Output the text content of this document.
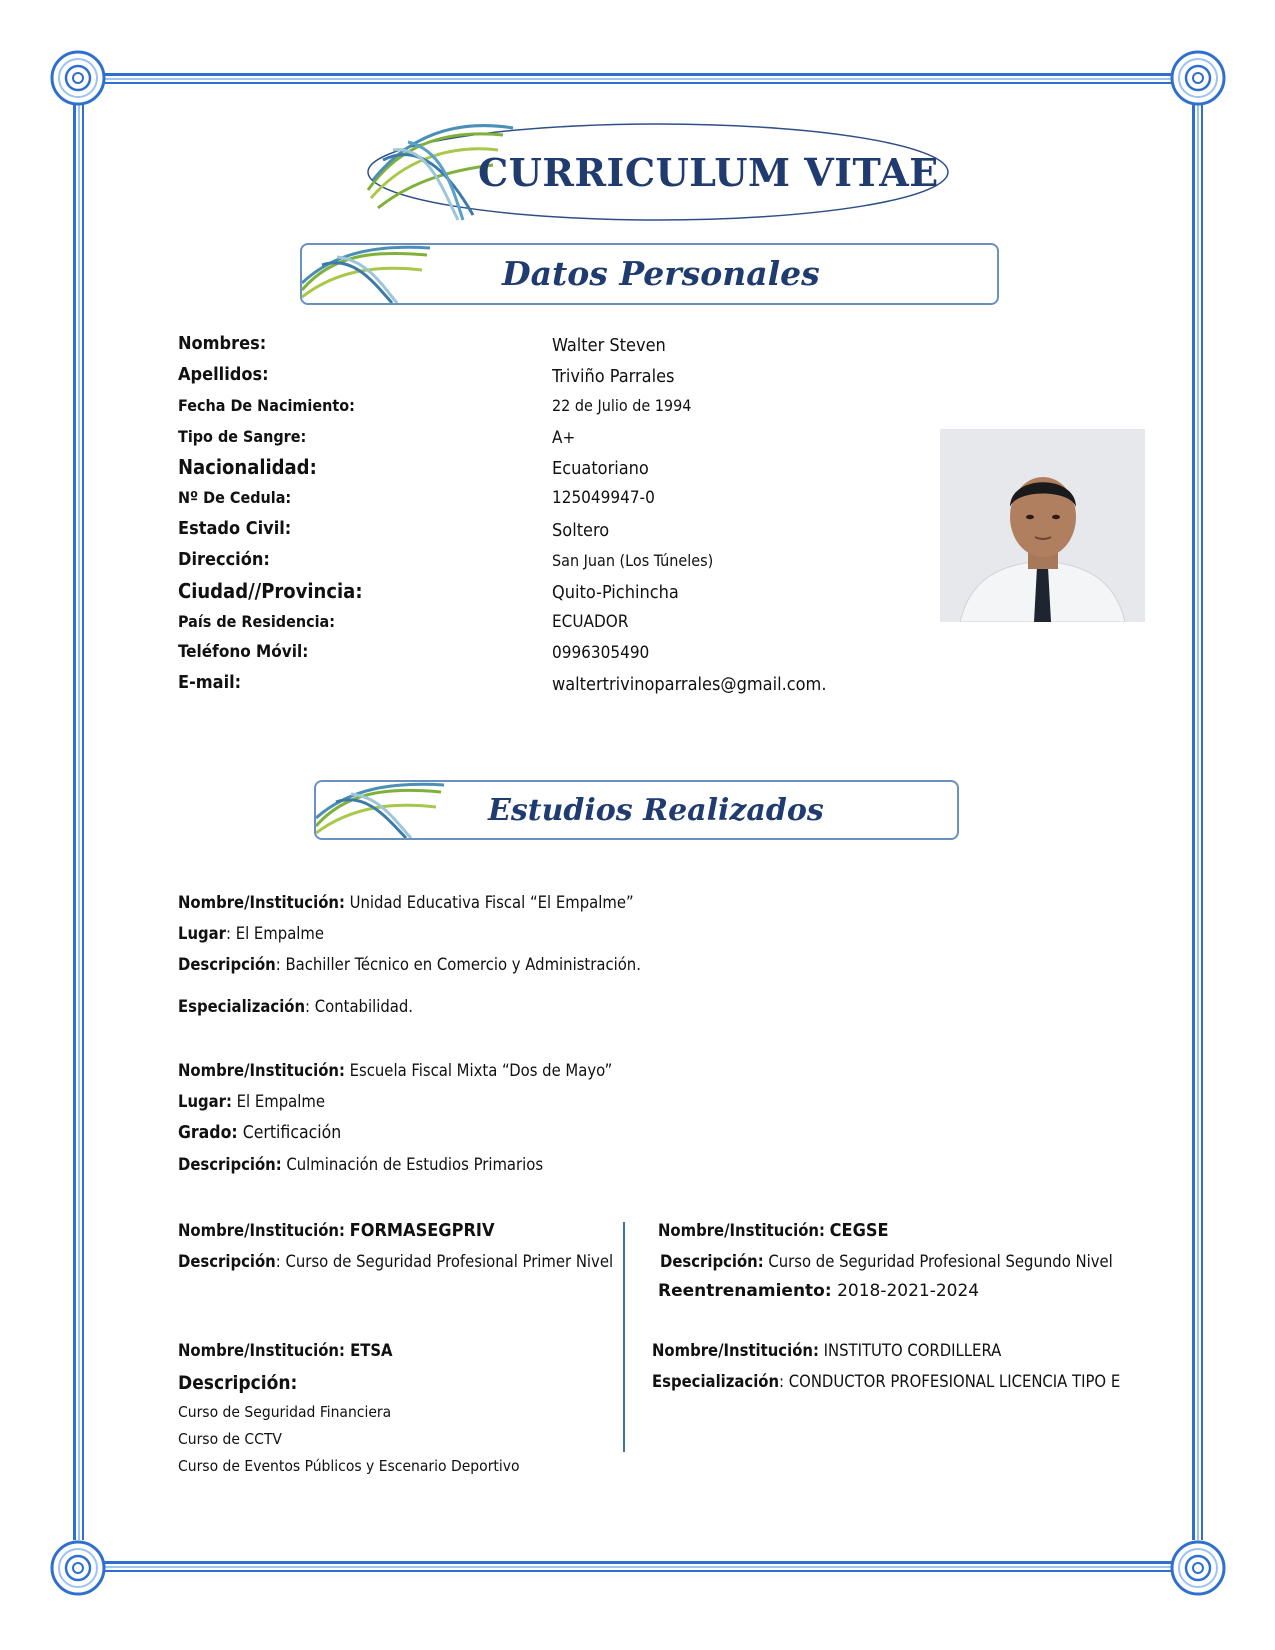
CURRICULUM VITAE
Datos Personales
Nombres:	Walter Steven
Apellidos:	Triviño Parrales
Fecha De Nacimiento:	22 de Julio de 1994
Tipo de Sangre:	A+
Nacionalidad:	Ecuatoriano
Nº De Cedula:	125049947-0
Estado Civil:	Soltero
Dirección:	San Juan (Los Túneles)
Ciudad//Provincia:	Quito-Pichincha
País de Residencia:	ECUADOR
Teléfono Móvil:	0996305490
E-mail:	waltertrivinoparrales@gmail.com.
Estudios Realizados
Nombre/Institución: Unidad Educativa Fiscal “El Empalme”
Lugar: El Empalme
Descripción: Bachiller Técnico en Comercio y Administración.
Especialización: Contabilidad.
Nombre/Institución: Escuela Fiscal Mixta “Dos de Mayo”
Lugar: El Empalme
Grado: Certificación
Descripción: Culminación de Estudios Primarios
Nombre/Institución: FORMASEGPRIV
Descripción: Curso de Seguridad Profesional Primer Nivel
Nombre/Institución: CEGSE
Descripción: Curso de Seguridad Profesional Segundo Nivel
Reentrenamiento: 2018-2021-2024
Nombre/Institución: ETSA
Descripción:
Curso de Seguridad Financiera
Curso de CCTV
Curso de Eventos Públicos y Escenario Deportivo
Nombre/Institución: INSTITUTO CORDILLERA
Especialización: CONDUCTOR PROFESIONAL LICENCIA TIPO E
